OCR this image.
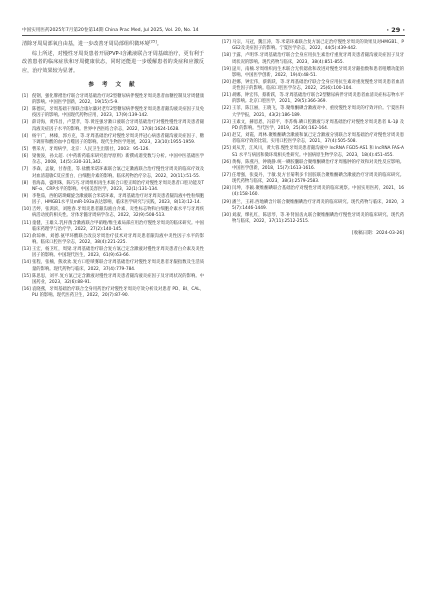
中国实用医药2025年7月第20卷第14期 China Prac Med, Jul 2025, Vol. 20, No. 14	· 29 ·

清除牙周局部氧自由基，进一步改善牙周局部组织微环境[25]。

综上所述，对慢性牙周炎患者开展PVP-I含漱液联合牙周基础治疗，更有利于改善患者的临床症状和牙周健康状态，同时还能进一步缓解患者的炎症和应激反应，治疗效果较为显著。

参 考 文 献
[1] 倪钢，强化牌褶治疗联合牙周基础治疗对2型糖尿病伴慢性牙周炎患者血糖控制及牙周健康的影响。中国医学创新，2022，19(15):5-9.
[2] 陈德庆，牙周基础干预联合康尔廉对老年2型糖尿病伴慢性牙周炎患者龈沟液炎症因子及免疫因子的影响。中国现代药物应用，2023，17(9):139-142.
[3] 薛诗海，黄伟昌，卢慧孝，等.黄连强牙漱口液联合牙周基础治疗对慢性慢性牙周炎患者龈沟液炎症因子水平的影响。世界中西医结合杂志，2022，17(8):1624-1628.
[4] 杨宇广，林榛，郭方克，等.牙周基础治疗对慢性牙周炎伴冠心病患者龈沟液炎症因子、糖下调肝和酸的血中自噬因子的影响。现代生物医学进展，2023，23(10):1955-1959.
[5] 曹采方，牙周病学，北京：人民卫生出版社，2003：95-126.
[6] 梁俊浚，孙太超.《中药新药临床研究指导原则》新撰成谱变数与分析。中国中医基础医学杂志，2008，14(5):330-331,342.
[7] 李森，孟敏，甘春莲，等.盐酸米诺环素联合氯己定漱液联合治疗慢性牙周炎的临床疗效及对血清超敏C反应蛋白、白细胞介素的影响。临床药物治疗杂志，2022，20(11):51-55.
[8] 普海淼，盛明珠，陈巧巧.牙周组织再生术联合口腔正畸治疗对慢性牙周炎患者口腔功能及TNF-α、CRP水平的影响。中国美容医学，2023，32(1):131-134.
[9] 李艳茹，西帕诺琐螺旋含漱液联合米诺环素，牙周基础治疗对牙周炎患者龈沟液中性粒细胞因子、HMGB1水平及mIR-193a表达影响，临床医学研究与实践，2023，8(13):12-14.
[10] 吉婷，张鸿滨，刘艳春.牙周炎患者龈沟液白介素、炎性标志物和白细胞介素水平与牙周疾病活动度的相关性。牙体牙髓牙周病学杂志，2022，32(9):508-513.
[11] 童健，王雄义.乳杆菌含漱液联合甲硝唑/维生素局部应用治疗慢性牙周炎的临床研究。中国临床药理学与治疗学，2022，27(2):140-145.
[12] 俞琼林，刘德.氨甲环酸联合改良牙周治疗技术对牙周炎患者龈沟液中炎性因子水平的影响。临床口腔医学杂志，2022，38(4):221-225.
[13] 王宏，杨卫红，周梁.牙周基础治疗联合复方氯己定含漱液对慢性牙周炎患者白介素及炎性因子的影响。中国现代医生，2023，61(9):63-66.
[14] 张程，张楠，熊欢欢.复方口腔喷雾联合牙周基础治疗对慢性牙周炎患者牙龈指数及生活质量的影响。现代药物与临床，2022，37(4):779-784.
[15] 陈思思，刘平.复方氯己定含漱液对慢性牙周炎患者龈沟液炎症因子及牙周状况的影响。中国药业，2023，32(6):88-91.
[16] 袁晓燕，牙周基础治疗联合全身用药治疗对慢性牙周炎疗效分析及对患者 PD、BI、CAL、PLI 的影响。现代医药卫生，2022，20(7):87-90.
[17] 马宗，马冠，魏江涛，等.米诺环素联合复方氯己定治疗慢性牙周炎的效果及对HMGB1、PGE2及炎症因子的影响。宁夏医学杂志，2022，44(5):439-442.
[18] 于露，卢明华.牙周基础治疗联合全身应用抗生素治疗重度牙周炎患者龈沟液炎症因子及牙周状况的影响。现代药物与临床，2023，38(4):851-855.
[19] 逯川，南楠.牙周组织再生术联合无机锶盐和改进对慢性牙周炎牙龈指数和患者咀嚼功能的影响。中国医学创新，2022，19(4):48-51.
[20] 赵娜，钟宏伟，蔡新跃，等.牙周基础治疗联合全身应用抗生素对重度慢性牙周炎患者血清炎性因子的影响。临床口腔医学杂志，2022，25(6):100-104.
[21] 胡娜，钟宏伟，蔡新跃，等.牙周基础治疗联合2型糖尿病伴牙周炎患者血清炎症标志物水平的影响。北京口腔医学，2021，29(5):366-369.
[22] 王菲，陈江丽，王晓飞，等.聚维酮碘含漱液对中、重度慢性牙周炎的疗效评价。宁夏医科大学学报，2021，43(2):186-189.
[23] 王素文，赫恩恩，冯彩平，李苏梅.碘口腔漱液与牙周基础治疗对慢性牙周炎患者 IL-1β 及 PD 的影响。当代医学，2019，25(30):162-164.
[24] 赵艾，刘霞，周林.聚维酮碘含漱液和氯己定含漱液分别联合牙周基础治疗对慢性牙周炎患者临床疗效的比较。实用口腔医学杂志，2021，37(4):505-508.
[25] 刘从芳，江凤川，黄大蓉.慢性牙周炎患者龈沟液中 lncRNA FGD5-AS1 和 lncRNA FAS-AS1 水平与病因和微环境相关性研究。中国病原生物学杂志，2023，18(4):451-455.
[26] 黄梅，陈燕丹，钟晓静.统一碘胶囊联合聚维酮碘治疗牙周脓肿的疗效和对炎性反应影响。中国医学创新，2018，15(7):1613-1616.
[27] 任增强，张曼丹，于敏.复方甘菊利多卡因胶联合聚维酮碘含漱液治疗牙周炎的临床研究。现代药物与临床，2023，38(3):2579-2583.
[28] 闫坤，李颖.聚维酮碘联合基础治疗对慢性牙周炎的临床观察。中国实用医药，2021，16(4):158-160.
[29] 潘兰，王莉.西地碘含片联合聚维酮碘治疗牙周炎的临床研究。现代药物与临床，2020，35(7):1446-1449.
[30] 刘淑，缪礼红，陈思琴，等.补肾固齿丸联合聚维酮碘治疗慢性牙周炎的临床研究。现代药物与临床，2022，37(11):2512-2515.
[收稿日期：2024-03-26]
